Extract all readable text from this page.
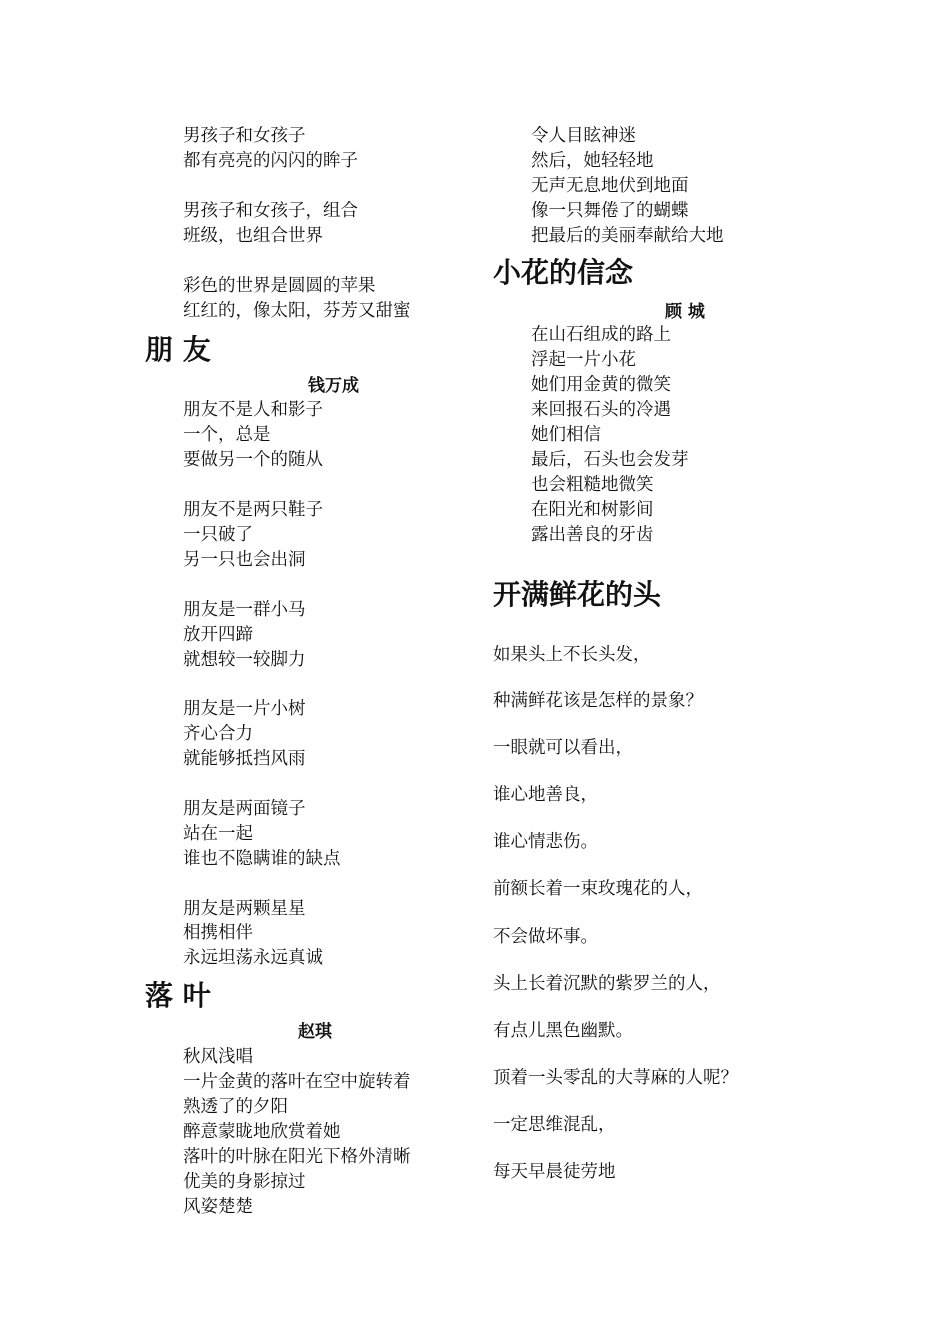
男孩子和女孩子
都有亮亮的闪闪的眸子
男孩子和女孩子，组合
班级，也组合世界
彩色的世界是圆圆的苹果
红红的，像太阳，芬芳又甜蜜
朋 友
钱万成
朋友不是人和影子
一个，总是
要做另一个的随从
朋友不是两只鞋子
一只破了
另一只也会出洞
朋友是一群小马
放开四蹄
就想较一较脚力
朋友是一片小树
齐心合力
就能够抵挡风雨
朋友是两面镜子
站在一起
谁也不隐瞒谁的缺点
朋友是两颗星星
相携相伴
永远坦荡永远真诚
落 叶
赵琪
秋风浅唱
一片金黄的落叶在空中旋转着
熟透了的夕阳
醉意蒙眬地欣赏着她
落叶的叶脉在阳光下格外清晰
优美的身影掠过
风姿楚楚
令人目眩神迷
然后，她轻轻地
无声无息地伏到地面
像一只舞倦了的蝴蝶
把最后的美丽奉献给大地
小花的信念
顾 城
在山石组成的路上
浮起一片小花
她们用金黄的微笑
来回报石头的冷遇
她们相信
最后，石头也会发芽
也会粗糙地微笑
在阳光和树影间
露出善良的牙齿
开满鲜花的头
如果头上不长头发，
种满鲜花该是怎样的景象？
一眼就可以看出，
谁心地善良，
谁心情悲伤。
前额长着一束玫瑰花的人，
不会做坏事。
头上长着沉默的紫罗兰的人，
有点儿黑色幽默。
顶着一头零乱的大荨麻的人呢？
一定思维混乱，
每天早晨徒劳地
